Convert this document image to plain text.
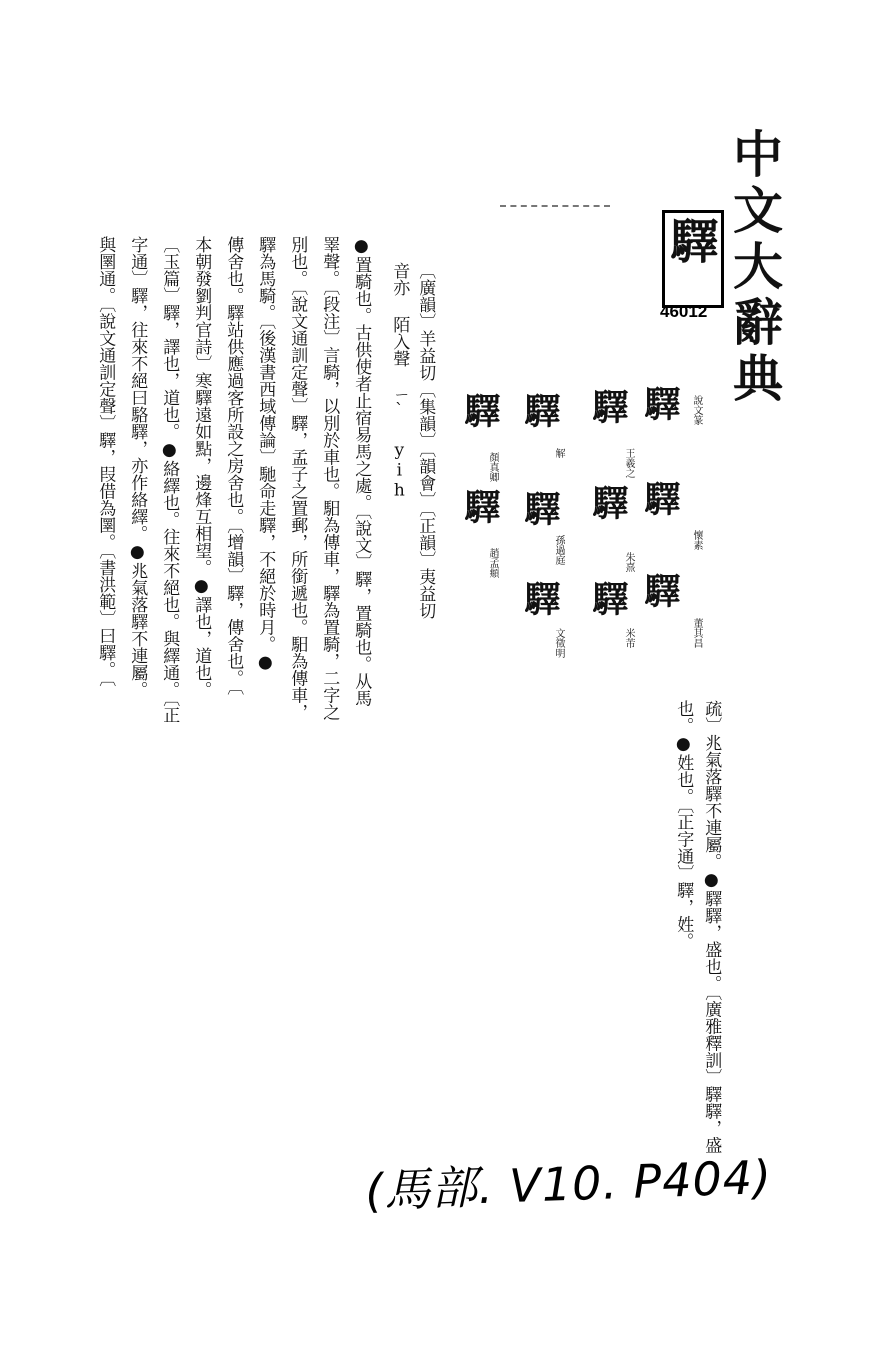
中文大辭典
驛
46012
驛 說文篆
驛
王羲之
驛
解
驛
顏真卿
驛
懷素
驛
朱熹
驛
孫過庭
驛
趙孟頫
驛
董其昌
驛
米芾
驛
文徵明
疏〕兆氣落驛不連屬。●驛驛，盛也。〔廣雅釋訓〕驛驛，盛
也。●姓也。〔正字通〕驛，姓。
〔廣韻〕羊益切〔集韻〕〔韻會〕〔正韻〕夷益切
音亦 陌入聲 ㄧˋ yih
●置騎也。古供使者止宿易馬之處。〔說文〕驛，置騎也。从馬
睪聲。〔段注〕言騎，以別於車也。馹為傳車，驛為置騎，二字之
別也。〔說文通訓定聲〕驛，孟子之置郵，所銜遞也。馹為傳車，
驛為馬騎。〔後漢書西域傳論〕馳命走驛，不絕於時月。●
傳舍也。驛站供應過客所設之房舍也。〔增韻〕驛，傳舍也。〔
本朝發劉判官詩〕寒驛遠如點，邊烽互相望。●譯也，道也。
〔玉篇〕驛，譯也，道也。●絡繹也。往來不絕也。與繹通。〔正
字通〕驛，往來不絕曰駱驛，亦作絡繹。●兆氣落驛不連屬。
與圛通。〔說文通訓定聲〕驛，叚借為圛。〔書洪範〕曰驛。〔
(馬部. V10. P404)
